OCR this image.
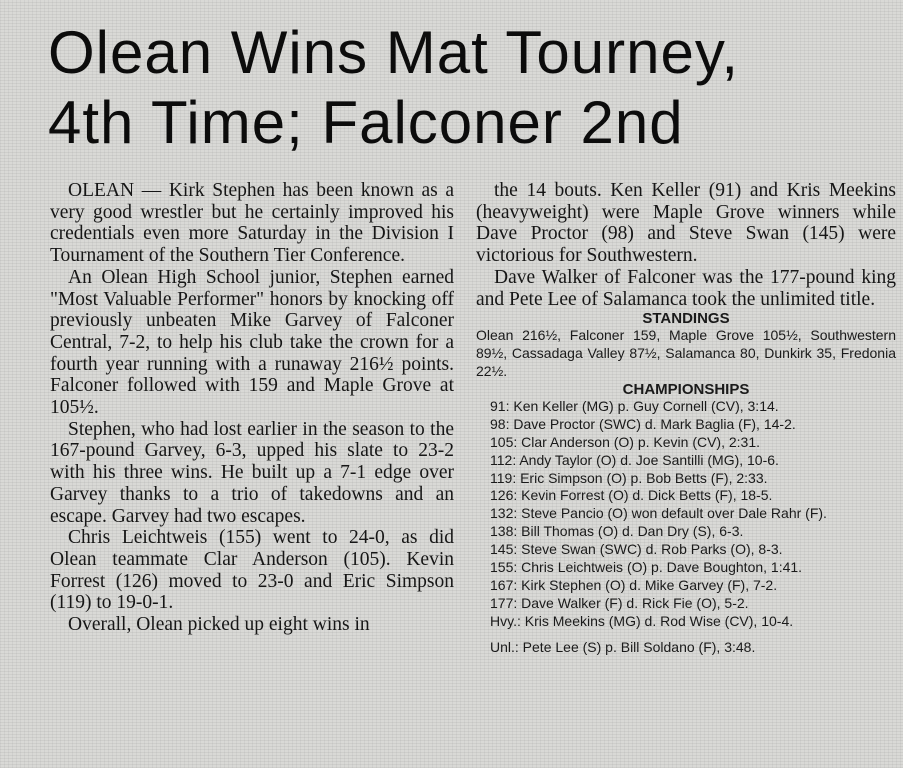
Olean Wins Mat Tourney,
4th Time; Falconer 2nd

OLEAN — Kirk Stephen has been known as a very good wrestler but he certainly improved his credentials even more Saturday in the Division I Tournament of the Southern Tier Conference.

An Olean High School junior, Stephen earned "Most Valuable Performer" honors by knocking off previously unbeaten Mike Garvey of Falconer Central, 7-2, to help his club take the crown for a fourth year running with a runaway 216½ points. Falconer followed with 159 and Maple Grove at 105½.

Stephen, who had lost earlier in the season to the 167-pound Garvey, 6-3, upped his slate to 23-2 with his three wins. He built up a 7-1 edge over Garvey thanks to a trio of takedowns and an escape. Garvey had two escapes.

Chris Leichtweis (155) went to 24-0, as did Olean teammate Clar Anderson (105). Kevin Forrest (126) moved to 23-0 and Eric Simpson (119) to 19-0-1.

Overall, Olean picked up eight wins in

the 14 bouts. Ken Keller (91) and Kris Meekins (heavyweight) were Maple Grove winners while Dave Proctor (98) and Steve Swan (145) were victorious for Southwestern.

Dave Walker of Falconer was the 177-pound king and Pete Lee of Salamanca took the unlimited title.

STANDINGS
Olean 216½, Falconer 159, Maple Grove 105½, Southwestern 89½, Cassadaga Valley 87½, Salamanca 80, Dunkirk 35, Fredonia 22½.
CHAMPIONSHIPS
91: Ken Keller (MG) p. Guy Cornell (CV), 3:14.
98: Dave Proctor (SWC) d. Mark Baglia (F), 14-2.
105: Clar Anderson (O) p. Kevin (CV), 2:31.
112: Andy Taylor (O) d. Joe Santilli (MG), 10-6.
119: Eric Simpson (O) p. Bob Betts (F), 2:33.
126: Kevin Forrest (O) d. Dick Betts (F), 18-5.
132: Steve Pancio (O) won default over Dale Rahr (F).
138: Bill Thomas (O) d. Dan Dry (S), 6-3.
145: Steve Swan (SWC) d. Rob Parks (O), 8-3.
155: Chris Leichtweis (O) p. Dave Boughton, 1:41.
167: Kirk Stephen (O) d. Mike Garvey (F), 7-2.
177: Dave Walker (F) d. Rick Fie (O), 5-2.
Hvy.: Kris Meekins (MG) d. Rod Wise (CV), 10-4.
Unl.: Pete Lee (S) p. Bill Soldano (F), 3:48.
